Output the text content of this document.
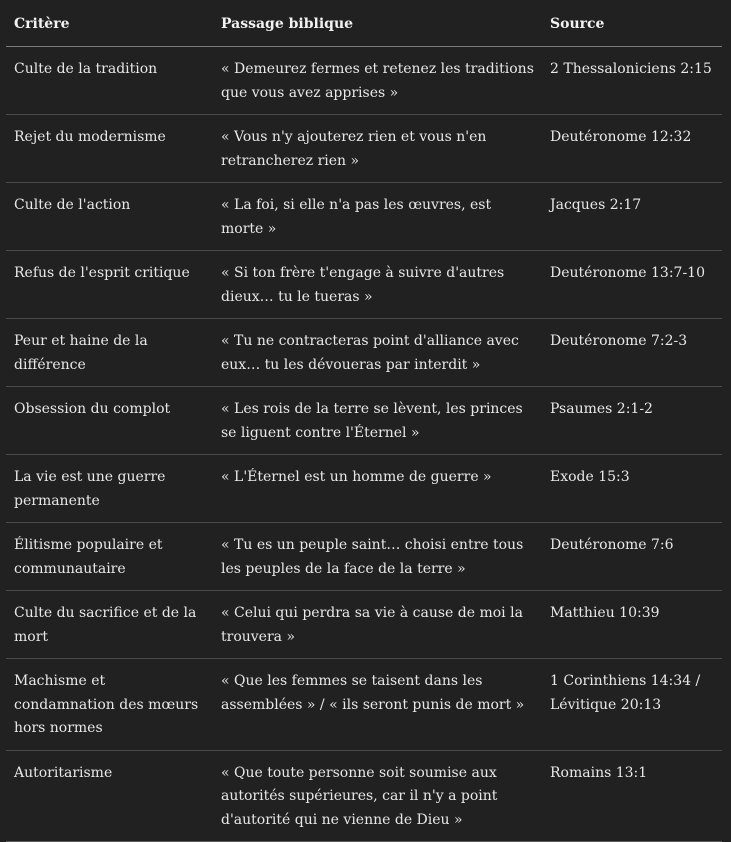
Critère	Passage biblique	Source
Culte de la tradition	« Demeurez fermes et retenez les traditions que vous avez apprises »	2 Thessaloniciens 2:15
Rejet du modernisme	« Vous n'y ajouterez rien et vous n'en retrancherez rien »	Deutéronome 12:32
Culte de l'action	« La foi, si elle n'a pas les œuvres, est morte »	Jacques 2:17
Refus de l'esprit critique	« Si ton frère t'engage à suivre d'autres dieux… tu le tueras »	Deutéronome 13:7-10
Peur et haine de la différence	« Tu ne contracteras point d'alliance avec eux… tu les dévoueras par interdit »	Deutéronome 7:2-3
Obsession du complot	« Les rois de la terre se lèvent, les princes se liguent contre l'Éternel »	Psaumes 2:1-2
La vie est une guerre permanente	« L'Éternel est un homme de guerre »	Exode 15:3
Élitisme populaire et communautaire	« Tu es un peuple saint… choisi entre tous les peuples de la face de la terre »	Deutéronome 7:6
Culte du sacrifice et de la mort	« Celui qui perdra sa vie à cause de moi la trouvera »	Matthieu 10:39
Machisme et condamnation des mœurs hors normes	« Que les femmes se taisent dans les assemblées » / « ils seront punis de mort »	1 Corinthiens 14:34 / Lévitique 20:13
Autoritarisme	« Que toute personne soit soumise aux autorités supérieures, car il n'y a point d'autorité qui ne vienne de Dieu »	Romains 13:1
